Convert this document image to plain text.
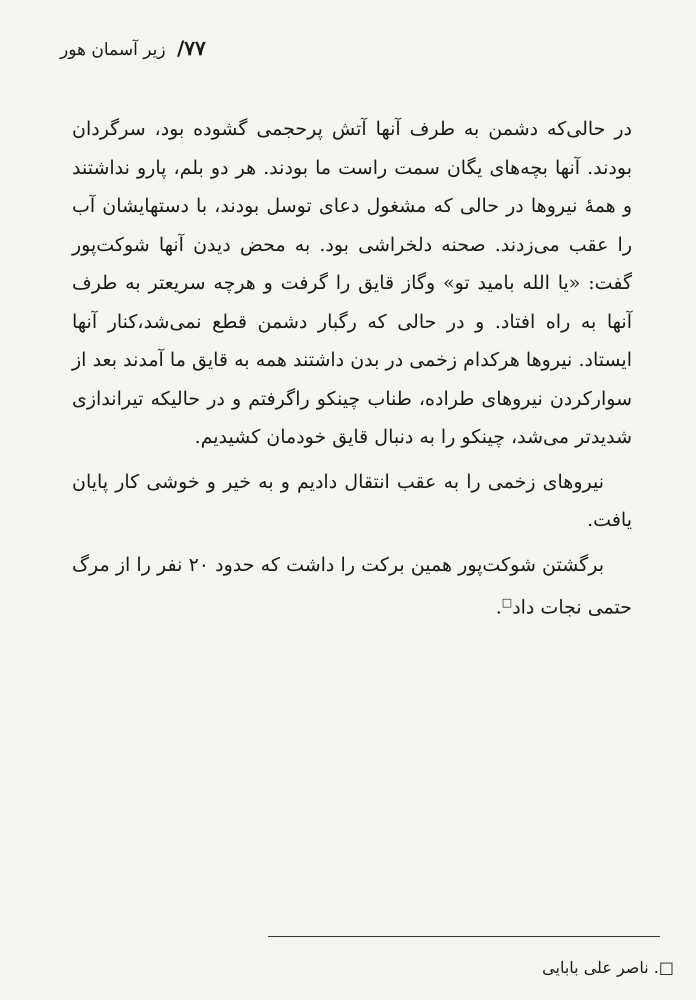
۷۷/ زیر آسمان هور

در حالی‌که دشمن به طرف آنها آتش پرحجمی گشوده بود، سرگردان بودند. آنها بچه‌های یگان سمت راست ما بودند. هر دو بلم، پارو نداشتند و همهٔ نیروها در حالی که مشغول دعای توسل بودند، با دستهایشان آب را عقب می‌زدند. صحنه دلخراشی بود. به محض دیدن آنها شوکت‌پور گفت: «یا الله بامید تو» وگاز قایق را گرفت و هرچه سریعتر به طرف آنها به راه افتاد. و در حالی که رگبار دشمن قطع نمی‌شد،کنار آنها ایستاد. نیروها هرکدام زخمی در بدن داشتند همه به قایق ما آمدند بعد از سوارکردن نیروهای طراده، طناب چینکو راگرفتم و در حالیکه تیراندازی شدیدتر می‌شد، چینکو را به دنبال قایق خودمان کشیدیم.

نیروهای زخمی را به عقب انتقال دادیم و به خیر و خوشی کار پایان یافت.

برگشتن شوکت‌پور همین برکت را داشت که حدود ۲۰ نفر را از مرگ حتمی نجات داد□.

□. ناصر علی بابایی
